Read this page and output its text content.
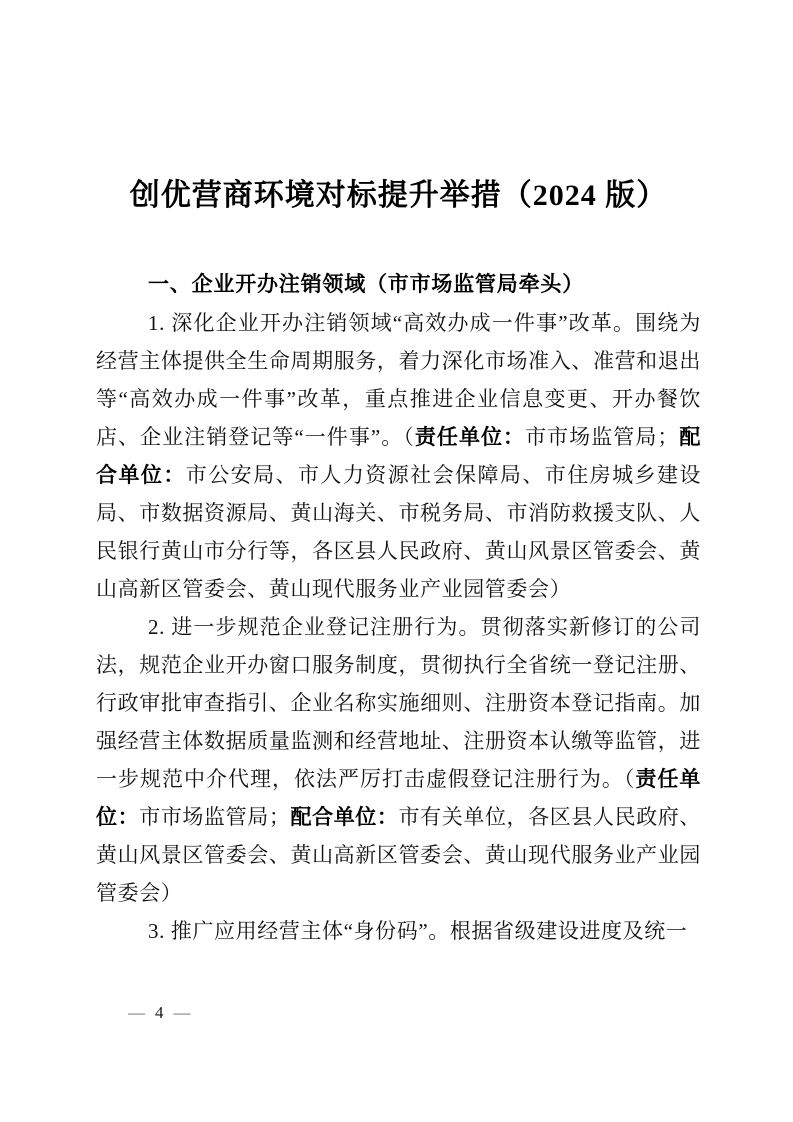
创优营商环境对标提升举措（2024 版）
一、企业开办注销领域（市市场监管局牵头）

1. 深化企业开办注销领域“高效办成一件事”改革。围绕为经营主体提供全生命周期服务，着力深化市场准入、准营和退出等“高效办成一件事”改革，重点推进企业信息变更、开办餐饮店、企业注销登记等“一件事”。（责任单位：市市场监管局；配合单位：市公安局、市人力资源社会保障局、市住房城乡建设局、市数据资源局、黄山海关、市税务局、市消防救援支队、人民银行黄山市分行等，各区县人民政府、黄山风景区管委会、黄山高新区管委会、黄山现代服务业产业园管委会）

2. 进一步规范企业登记注册行为。贯彻落实新修订的公司法，规范企业开办窗口服务制度，贯彻执行全省统一登记注册、行政审批审查指引、企业名称实施细则、注册资本登记指南。加强经营主体数据质量监测和经营地址、注册资本认缴等监管，进一步规范中介代理，依法严厉打击虚假登记注册行为。（责任单位：市市场监管局；配合单位：市有关单位，各区县人民政府、黄山风景区管委会、黄山高新区管委会、黄山现代服务业产业园管委会）

3. 推广应用经营主体“身份码”。根据省级建设进度及统一

— 4 —
